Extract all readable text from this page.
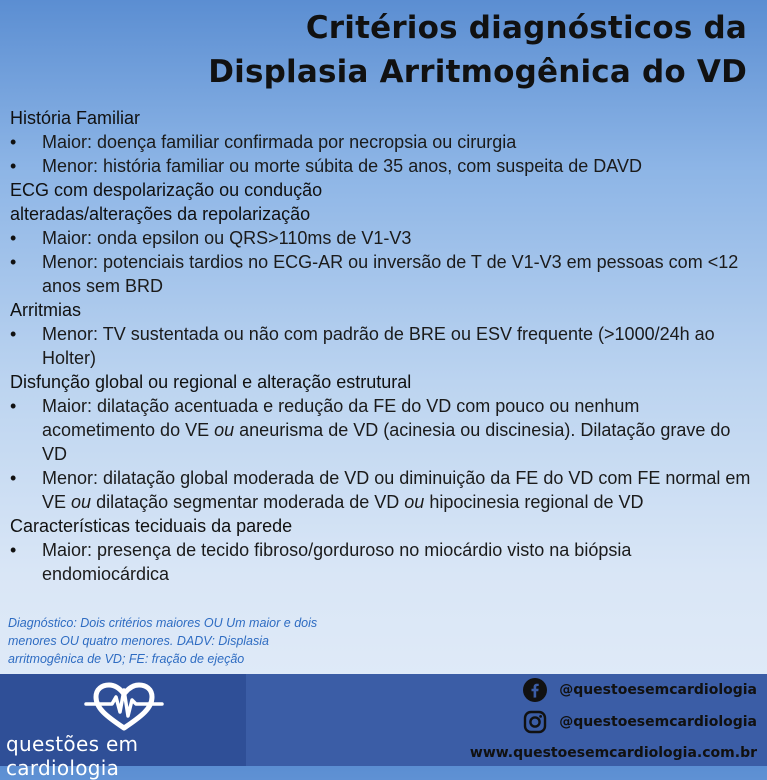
Critérios diagnósticos da
Displasia Arritmogênica do VD
História Familiar
• Maior: doença familiar confirmada por necropsia ou cirurgia
• Menor: história familiar ou morte súbita de 35 anos, com suspeita de DAVD
ECG com despolarização ou condução
alteradas/alterações da repolarização
• Maior: onda epsilon ou QRS>110ms de V1-V3
• Menor: potenciais tardios no ECG-AR ou inversão de T de V1-V3 em pessoas com <12 anos sem BRD
Arritmias
• Menor: TV sustentada ou não com padrão de BRE ou ESV frequente (>1000/24h ao Holter)
Disfunção global ou regional e alteração estrutural
• Maior: dilatação acentuada e redução da FE do VD com pouco ou nenhum acometimento do VE ou aneurisma de VD (acinesia ou discinesia). Dilatação grave do VD
• Menor: dilatação global moderada de VD ou diminuição da FE do VD com FE normal em VE ou dilatação segmentar moderada de VD ou hipocinesia regional de VD
Características teciduais da parede
• Maior: presença de tecido fibroso/gorduroso no miocárdio visto na biópsia endomiocárdica
Diagnóstico: Dois critérios maiores OU Um maior e dois menores OU quatro menores. DADV: Displasia arritmogênica de VD; FE: fração de ejeção
questões em cardiologia
@questoesemcardiologia
@questoesemcardiologia
www.questoesemcardiologia.com.br
